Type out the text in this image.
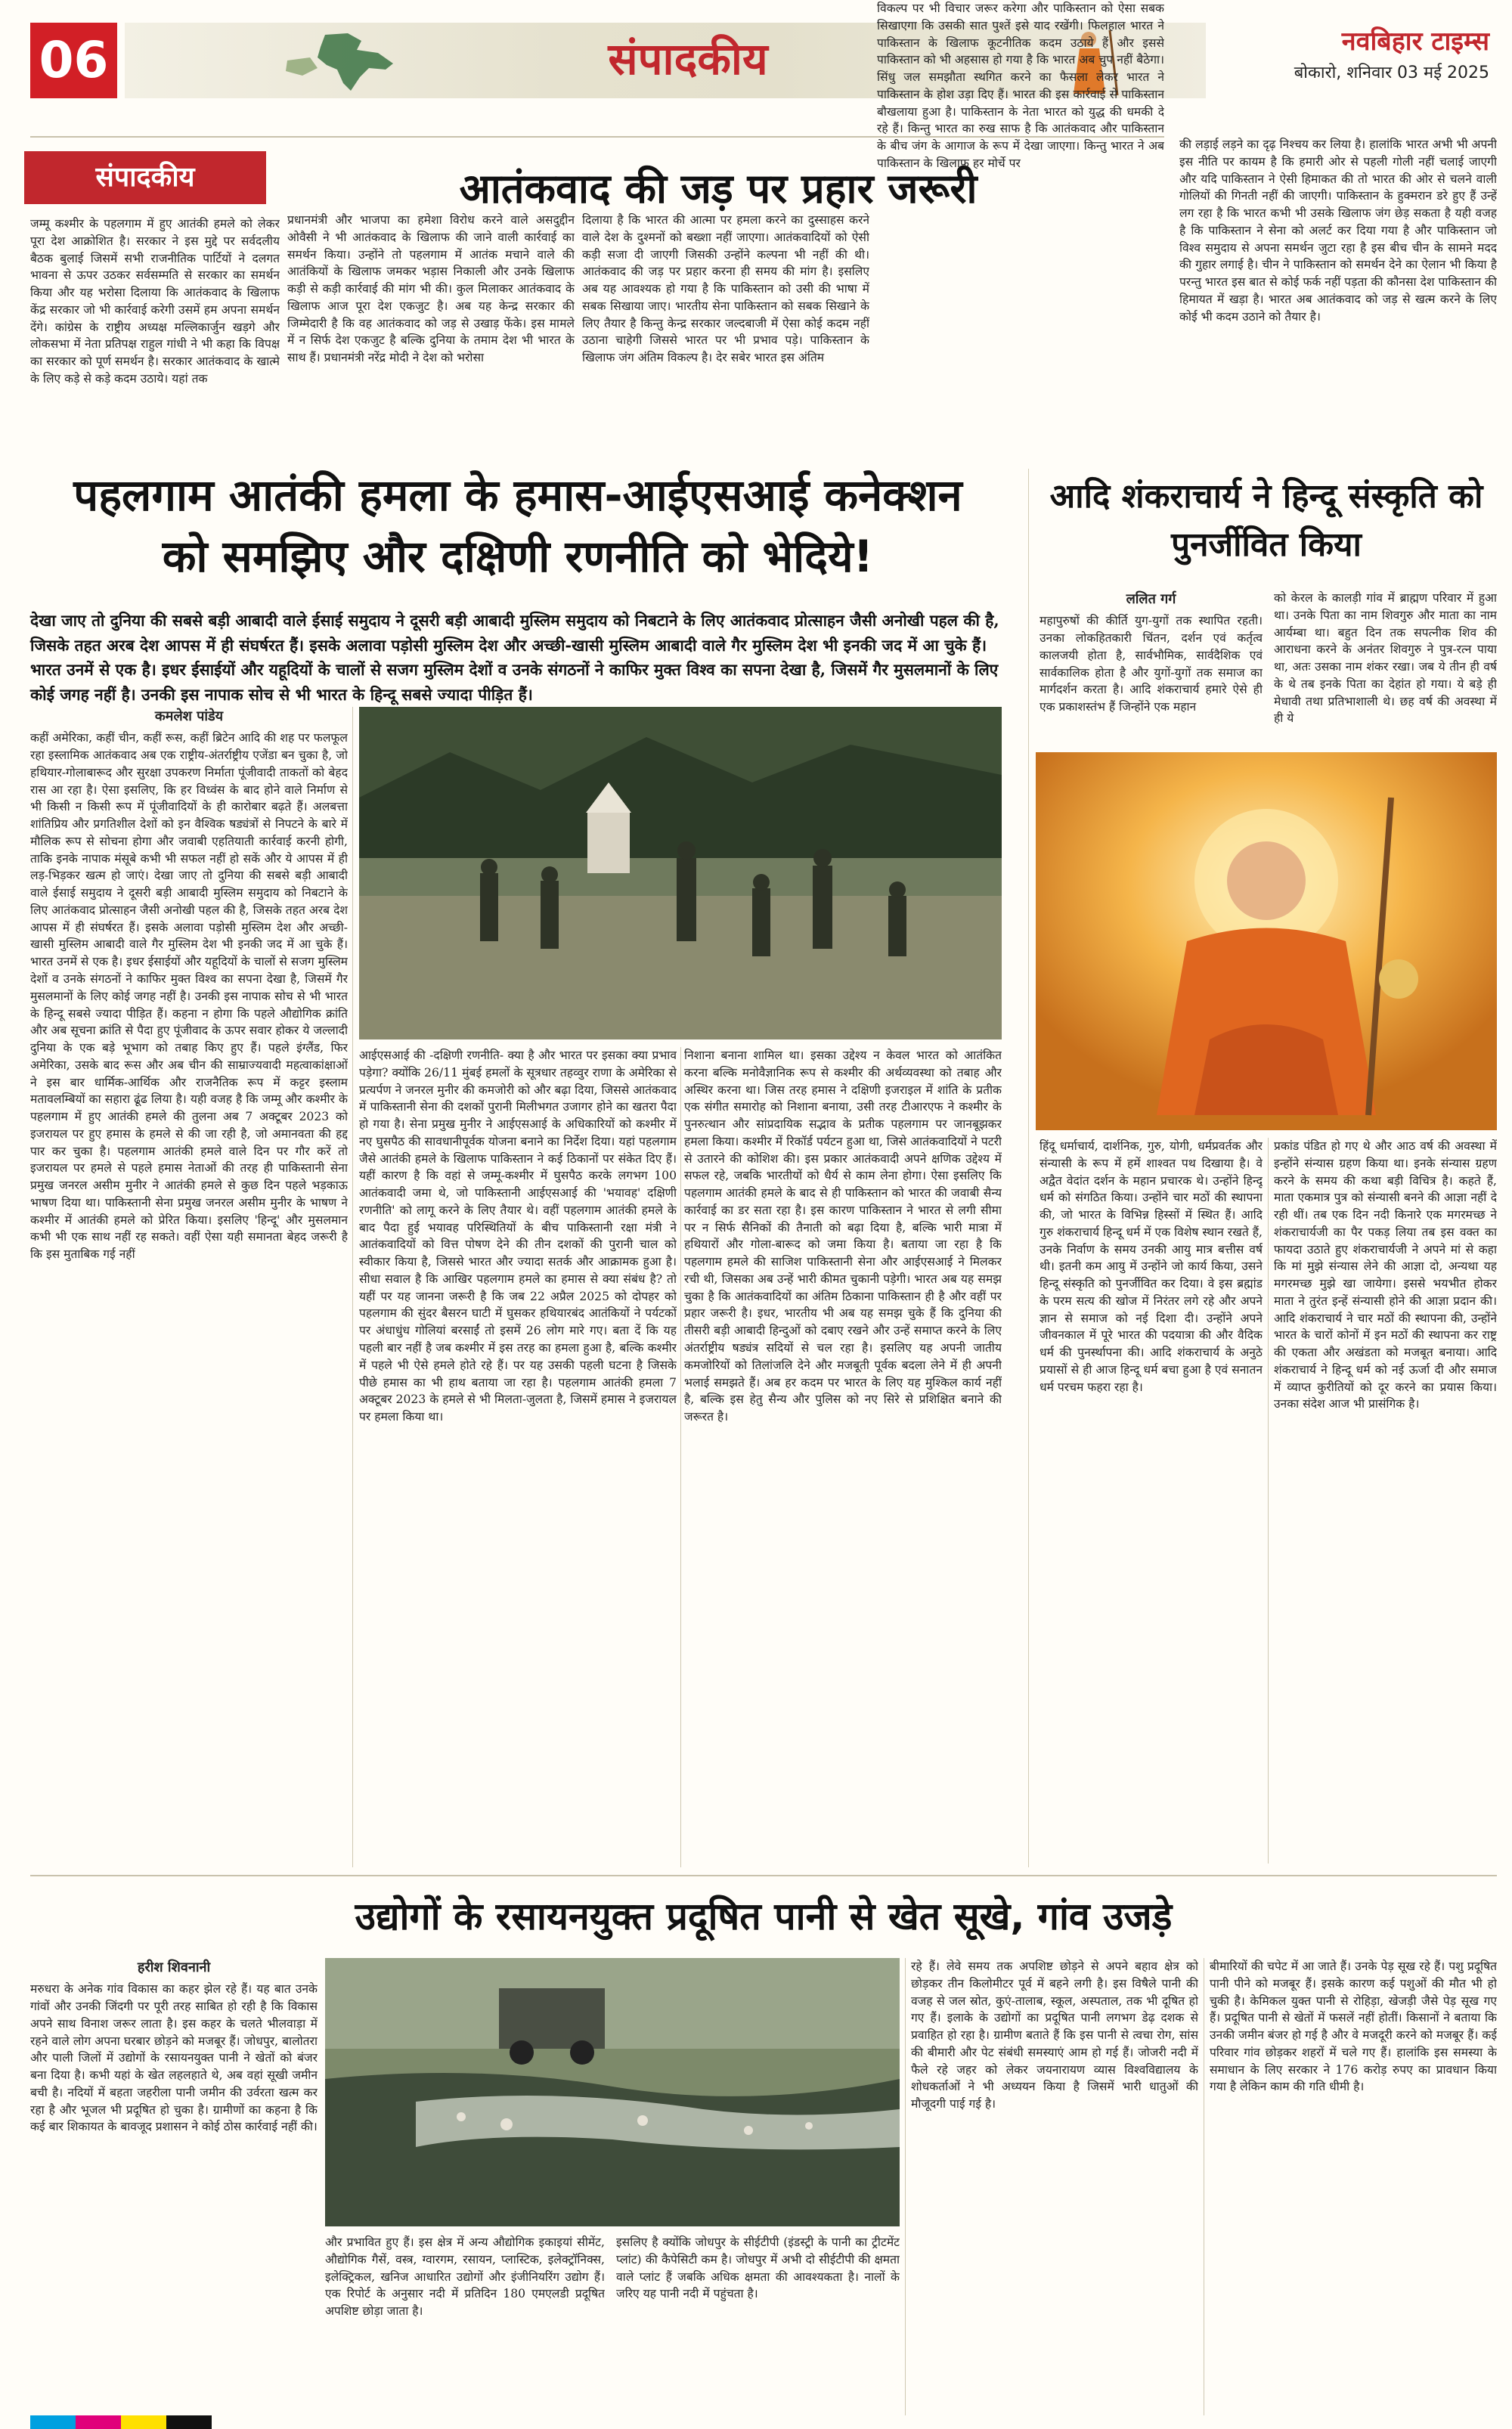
06	संपादकीय	नवबिहार टाइम्स
बोकारो, शनिवार 03 मई 2025
संपादकीय	आतंकवाद की जड़ पर प्रहार जरूरी
जम्मू कश्मीर के पहलगाम में हुए आतंकी हमले को लेकर पूरा देश आक्रोशित है। सरकार ने इस मुद्दे पर सर्वदलीय बैठक बुलाई जिसमें सभी राजनीतिक पार्टियों ने दलगत भावना से ऊपर उठकर सर्वसम्मति से सरकार का समर्थन किया और यह भरोसा दिलाया कि आतंकवाद के खिलाफ केंद्र सरकार जो भी कार्रवाई करेगी उसमें हम अपना समर्थन देंगे। कांग्रेस के राष्ट्रीय अध्यक्ष मल्लिकार्जुन खड़गे और लोकसभा में नेता प्रतिपक्ष राहुल गांधी ने भी कहा कि विपक्ष का सरकार को पूर्ण समर्थन है। सरकार आतंकवाद के खात्मे के लिए कड़े से कड़े कदम उठाये। यहां तक
प्रधानमंत्री और भाजपा का हमेशा विरोध करने वाले असदुद्दीन ओवैसी ने भी आतंकवाद के खिलाफ की जाने वाली कार्रवाई का समर्थन किया। उन्होंने तो पहलगाम में आतंक मचाने वाले की आतंकियों के खिलाफ जमकर भड़ास निकाली और उनके खिलाफ कड़ी से कड़ी कार्रवाई की मांग भी की। कुल मिलाकर आतंकवाद के खिलाफ आज पूरा देश एकजुट है। अब यह केन्द्र सरकार की जिम्मेदारी है कि वह आतंकवाद को जड़ से उखाड़ फेंके। इस मामले में न सिर्फ देश एकजुट है बल्कि दुनिया के तमाम देश भी भारत के साथ हैं। प्रधानमंत्री नरेंद्र मोदी ने देश को भरोसा
दिलाया है कि भारत की आत्मा पर हमला करने का दुस्साहस करने वाले देश के दुश्मनों को बख्शा नहीं जाएगा। आतंकवादियों को ऐसी कड़ी सजा दी जाएगी जिसकी उन्होंने कल्पना भी नहीं की थी। आतंकवाद की जड़ पर प्रहार करना ही समय की मांग है। इसलिए अब यह आवश्यक हो गया है कि पाकिस्तान को उसी की भाषा में सबक सिखाया जाए। भारतीय सेना पाकिस्तान को सबक सिखाने के लिए तैयार है किन्तु केन्द्र सरकार जल्दबाजी में ऐसा कोई कदम नहीं उठाना चाहेगी जिससे भारत पर भी प्रभाव पड़े। पाकिस्तान के खिलाफ जंग अंतिम विकल्प है। देर सबेर भारत इस अंतिम
विकल्प पर भी विचार जरूर करेगा और पाकिस्तान को ऐसा सबक सिखाएगा कि उसकी सात पुश्तें इसे याद रखेंगी। फिलहाल भारत ने पाकिस्तान के खिलाफ कूटनीतिक कदम उठाये हैं और इससे पाकिस्तान को भी अहसास हो गया है कि भारत अब चुप नहीं बैठेगा। सिंधु जल समझौता स्थगित करने का फैसला लेकर भारत ने पाकिस्तान के होश उड़ा दिए हैं। भारत की इस कार्रवाई से पाकिस्तान बौखलाया हुआ है। पाकिस्तान के नेता भारत को युद्ध की धमकी दे रहे हैं। किन्तु भारत का रुख साफ है कि आतंकवाद और पाकिस्तान के बीच जंग के आगाज के रूप में देखा जाएगा। किन्तु भारत ने अब पाकिस्तान के खिलाफ हर मोर्चे पर
की लड़ाई लड़ने का दृढ़ निश्चय कर लिया है। हालांकि भारत अभी भी अपनी इस नीति पर कायम है कि हमारी ओर से पहली गोली नहीं चलाई जाएगी और यदि पाकिस्तान ने ऐसी हिमाकत की तो भारत की ओर से चलने वाली गोलियों की गिनती नहीं की जाएगी। पाकिस्तान के हुक्मरान डरे हुए हैं उन्हें लग रहा है कि भारत कभी भी उसके खिलाफ जंग छेड़ सकता है यही वजह है कि पाकिस्तान ने सेना को अलर्ट कर दिया गया है और पाकिस्तान जो विश्व समुदाय से अपना समर्थन जुटा रहा है इस बीच चीन के सामने मदद की गुहार लगाई है। चीन ने पाकिस्तान को समर्थन देने का ऐलान भी किया है परन्तु भारत इस बात से कोई फर्क नहीं पड़ता की कौनसा देश पाकिस्तान की हिमायत में खड़ा है। भारत अब आतंकवाद को जड़ से खत्म करने के लिए कोई भी कदम उठाने को तैयार है।
पहलगाम आतंकी हमला के हमास-आईएसआई कनेक्शन
को समझिए और दक्षिणी रणनीति को भेदिये!
देखा जाए तो दुनिया की सबसे बड़ी आबादी वाले ईसाई समुदाय ने दूसरी बड़ी आबादी मुस्लिम समुदाय को निबटाने के लिए आतंकवाद प्रोत्साहन जैसी अनोखी पहल की है, जिसके तहत अरब देश आपस में ही संघर्षरत हैं। इसके अलावा पड़ोसी मुस्लिम देश और अच्छी-खासी मुस्लिम आबादी वाले गैर मुस्लिम देश भी इनकी जद में आ चुके हैं। भारत उनमें से एक है। इधर ईसाईयों और यहूदियों के चालों से सजग मुस्लिम देशों व उनके संगठनों ने काफिर मुक्त विश्व का सपना देखा है, जिसमें गैर मुसलमानों के लिए कोई जगह नहीं है। उनकी इस नापाक सोच से भी भारत के हिन्दू सबसे ज्यादा पीड़ित हैं।
कमलेश पांडेय
कहीं अमेरिका, कहीं चीन, कहीं रूस, कहीं ब्रिटेन आदि की शह पर फलफूल रहा इस्लामिक आतंकवाद अब एक राष्ट्रीय-अंतर्राष्ट्रीय एजेंडा बन चुका है, जो हथियार-गोलाबारूद और सुरक्षा उपकरण निर्माता पूंजीवादी ताकतों को बेहद रास आ रहा है। ऐसा इसलिए, कि हर विध्वंस के बाद होने वाले निर्माण से भी किसी न किसी रूप में पूंजीवादियों के ही कारोबार बढ़ते हैं। अलबत्ता शांतिप्रिय और प्रगतिशील देशों को इन वैश्विक षड्यंत्रों से निपटने के बारे में मौलिक रूप से सोचना होगा और जवाबी एहतियाती कार्रवाई करनी होगी, ताकि इनके नापाक मंसूबे कभी भी सफल नहीं हो सकें और ये आपस में ही लड़-भिड़कर खत्म हो जाएं। देखा जाए तो दुनिया की सबसे बड़ी आबादी वाले ईसाई समुदाय ने दूसरी बड़ी आबादी मुस्लिम समुदाय को निबटाने के लिए आतंकवाद प्रोत्साहन जैसी अनोखी पहल की है, जिसके तहत अरब देश आपस में ही संघर्षरत हैं। इसके अलावा पड़ोसी मुस्लिम देश और अच्छी-खासी मुस्लिम आबादी वाले गैर मुस्लिम देश भी इनकी जद में आ चुके हैं। भारत उनमें से एक है। इधर ईसाईयों और यहूदियों के चालों से सजग मुस्लिम देशों व उनके संगठनों ने काफिर मुक्त विश्व का सपना देखा है, जिसमें गैर मुसलमानों के लिए कोई जगह नहीं है। उनकी इस नापाक सोच से भी भारत के हिन्दू सबसे ज्यादा पीड़ित हैं। कहना न होगा कि पहले औद्योगिक क्रांति और अब सूचना क्रांति से पैदा हुए पूंजीवाद के ऊपर सवार होकर ये जल्लादी दुनिया के एक बड़े भूभाग को तबाह किए हुए हैं। पहले इंग्लैंड, फिर अमेरिका, उसके बाद रूस और अब चीन की साम्राज्यवादी महत्वाकांक्षाओं ने इस बार धार्मिक-आर्थिक और राजनैतिक रूप में कट्टर इस्लाम मतावलम्बियों का सहारा ढूंढ लिया है। यही वजह है कि जम्मू और कश्मीर के पहलगाम में हुए आतंकी हमले की तुलना अब 7 अक्टूबर 2023 को इजरायल पर हुए हमास के हमले से की जा रही है, जो अमानवता की हद्द पार कर चुका है। पहलगाम आतंकी हमले वाले दिन पर गौर करें तो इजरायल पर हमले से पहले हमास नेताओं की तरह ही पाकिस्तानी सेना प्रमुख जनरल असीम मुनीर ने आतंकी हमले से कुछ दिन पहले भड़काऊ भाषण दिया था। पाकिस्तानी सेना प्रमुख जनरल असीम मुनीर के भाषण ने कश्मीर में आतंकी हमले को प्रेरित किया। इसलिए 'हिन्दू' और मुसलमान कभी भी एक साथ नहीं रह सकते। वहीं ऐसा यही समानता बेहद जरूरी है कि इस मुताबिक गई नहीं
आईएसआई की -दक्षिणी रणनीति- क्या है और भारत पर इसका क्या प्रभाव पड़ेगा? क्योंकि 26/11 मुंबई हमलों के सूत्रधार तहव्वुर राणा के अमेरिका से प्रत्यर्पण ने जनरल मुनीर की कमजोरी को और बढ़ा दिया, जिससे आतंकवाद में पाकिस्तानी सेना की दशकों पुरानी मिलीभगत उजागर होने का खतरा पैदा हो गया है। सेना प्रमुख मुनीर ने आईएसआई के अधिकारियों को कश्मीर में नए घुसपैठ की सावधानीपूर्वक योजना बनाने का निर्देश दिया। यहां पहलगाम जैसे आतंकी हमले के खिलाफ पाकिस्तान ने कई ठिकानों पर संकेत दिए हैं। यहीं कारण है कि वहां से जम्मू-कश्मीर में घुसपैठ करके लगभग 100 आतंकवादी जमा थे, जो पाकिस्तानी आईएसआई की 'भयावह' दक्षिणी रणनीति' को लागू करने के लिए तैयार थे। वहीं पहलगाम आतंकी हमले के बाद पैदा हुई भयावह परिस्थितियों के बीच पाकिस्तानी रक्षा मंत्री ने आतंकवादियों को वित्त पोषण देने की तीन दशकों की पुरानी चाल को स्वीकार किया है, जिससे भारत और ज्यादा सतर्क और आक्रामक हुआ है। सीधा सवाल है कि आखिर पहलगाम हमले का हमास से क्या संबंध है? तो यहीं पर यह जानना जरूरी है कि जब 22 अप्रैल 2025 को दोपहर को पहलगाम की सुंदर बैसरन घाटी में घुसकर हथियारबंद आतंकियों ने पर्यटकों पर अंधाधुंध गोलियां बरसाईं तो इसमें 26 लोग मारे गए। बता दें कि यह पहली बार नहीं है जब कश्मीर में इस तरह का हमला हुआ है, बल्कि कश्मीर में पहले भी ऐसे हमले होते रहे हैं। पर यह उसकी पहली घटना है जिसके पीछे हमास का भी हाथ बताया जा रहा है। पहलगाम आतंकी हमला 7 अक्टूबर 2023 के हमले से भी मिलता-जुलता है, जिसमें हमास ने इजरायल पर हमला किया था।
निशाना बनाना शामिल था। इसका उद्देश्य न केवल भारत को आतंकित करना बल्कि मनोवैज्ञानिक रूप से कश्मीर की अर्थव्यवस्था को तबाह और अस्थिर करना था। जिस तरह हमास ने दक्षिणी इजराइल में शांति के प्रतीक एक संगीत समारोह को निशाना बनाया, उसी तरह टीआरएफ ने कश्मीर के पुनरुत्थान और सांप्रदायिक सद्भाव के प्रतीक पहलगाम पर जानबूझकर हमला किया। कश्मीर में रिकॉर्ड पर्यटन हुआ था, जिसे आतंकवादियों ने पटरी से उतारने की कोशिश की। इस प्रकार आतंकवादी अपने क्षणिक उद्देश्य में सफल रहे, जबकि भारतीयों को धैर्य से काम लेना होगा। ऐसा इसलिए कि पहलगाम आतंकी हमले के बाद से ही पाकिस्तान को भारत की जवाबी सैन्य कार्रवाई का डर सता रहा है। इस कारण पाकिस्तान ने भारत से लगी सीमा पर न सिर्फ सैनिकों की तैनाती को बढ़ा दिया है, बल्कि भारी मात्रा में हथियारों और गोला-बारूद को जमा किया है। बताया जा रहा है कि पहलगाम हमले की साजिश पाकिस्तानी सेना और आईएसआई ने मिलकर रची थी, जिसका अब उन्हें भारी कीमत चुकानी पड़ेगी। भारत अब यह समझ चुका है कि आतंकवादियों का अंतिम ठिकाना पाकिस्तान ही है और वहीं पर प्रहार जरूरी है। इधर, भारतीय भी अब यह समझ चुके हैं कि दुनिया की तीसरी बड़ी आबादी हिन्दुओं को दबाए रखने और उन्हें समाप्त करने के लिए अंतर्राष्ट्रीय षड्यंत्र सदियों से चल रहा है। इसलिए यह अपनी जातीय कमजोरियों को तिलांजलि देने और मजबूती पूर्वक बदला लेने में ही अपनी भलाई समझते हैं। अब हर कदम पर भारत के लिए यह मुश्किल कार्य नहीं है, बल्कि इस हेतु सैन्य और पुलिस को नए सिरे से प्रशिक्षित बनाने की जरूरत है।
आदि शंकराचार्य ने हिन्दू संस्कृति को पुनर्जीवित किया
ललित गर्ग
महापुरुषों की कीर्ति युग-युगों तक स्थापित रहती। उनका लोकहितकारी चिंतन, दर्शन एवं कर्तृत्व कालजयी होता है, सार्वभौमिक, सार्वदैशिक एवं सार्वकालिक होता है और युगों-युगों तक समाज का मार्गदर्शन करता है। आदि शंकराचार्य हमारे ऐसे ही एक प्रकाशस्तंभ हैं जिन्होंने एक महान
को केरल के कालड़ी गांव में ब्राह्मण परिवार में हुआ था। उनके पिता का नाम शिवगुरु और माता का नाम आर्यम्बा था। बहुत दिन तक सपत्नीक शिव की आराधना करने के अनंतर शिवगुरु ने पुत्र-रत्न पाया था, अतः उसका नाम शंकर रखा। जब ये तीन ही वर्ष के थे तब इनके पिता का देहांत हो गया। ये बड़े ही मेधावी तथा प्रतिभाशाली थे। छह वर्ष की अवस्था में ही ये
हिंदू धर्माचार्य, दार्शनिक, गुरु, योगी, धर्मप्रवर्तक और संन्यासी के रूप में हमें शाश्वत पथ दिखाया है। वे अद्वैत वेदांत दर्शन के महान प्रचारक थे। उन्होंने हिन्दू धर्म को संगठित किया। उन्होंने चार मठों की स्थापना की, जो भारत के विभिन्न हिस्सों में स्थित हैं। आदि गुरु शंकराचार्य हिन्दू धर्म में एक विशेष स्थान रखते हैं, उनके निर्वाण के समय उनकी आयु मात्र बत्तीस वर्ष थी। इतनी कम आयु में उन्होंने जो कार्य किया, उसने हिन्दू संस्कृति को पुनर्जीवित कर दिया। वे इस ब्रह्मांड के परम सत्य की खोज में निरंतर लगे रहे और अपने ज्ञान से समाज को नई दिशा दी। उन्होंने अपने जीवनकाल में पूरे भारत की पदयात्रा की और वैदिक धर्म की पुनर्स्थापना की। आदि शंकराचार्य के अनुठे प्रयासों से ही आज हिन्दू धर्म बचा हुआ है एवं सनातन धर्म परचम फहरा रहा है।
प्रकांड पंडित हो गए थे और आठ वर्ष की अवस्था में इन्होंने संन्यास ग्रहण किया था। इनके संन्यास ग्रहण करने के समय की कथा बड़ी विचित्र है। कहते हैं, माता एकमात्र पुत्र को संन्यासी बनने की आज्ञा नहीं दे रही थीं। तब एक दिन नदी किनारे एक मगरमच्छ ने शंकराचार्यजी का पैर पकड़ लिया तब इस वक्त का फायदा उठाते हुए शंकराचार्यजी ने अपने मां से कहा कि मां मुझे संन्यास लेने की आज्ञा दो, अन्यथा यह मगरमच्छ मुझे खा जायेगा। इससे भयभीत होकर माता ने तुरंत इन्हें संन्यासी होने की आज्ञा प्रदान की। आदि शंकराचार्य ने चार मठों की स्थापना की, उन्होंने भारत के चारों कोनों में इन मठों की स्थापना कर राष्ट्र की एकता और अखंडता को मजबूत बनाया। आदि शंकराचार्य ने हिन्दू धर्म को नई ऊर्जा दी और समाज में व्याप्त कुरीतियों को दूर करने का प्रयास किया। उनका संदेश आज भी प्रासंगिक है।
उद्योगों के रसायनयुक्त प्रदूषित पानी से खेत सूखे, गांव उजड़े
हरीश शिवनानी
मरुधरा के अनेक गांव विकास का कहर झेल रहे हैं। यह बात उनके गांवों और उनकी जिंदगी पर पूरी तरह साबित हो रही है कि विकास अपने साथ विनाश जरूर लाता है। इस कहर के चलते भीलवाड़ा में रहने वाले लोग अपना घरबार छोड़ने को मजबूर हैं। जोधपुर, बालोतरा और पाली जिलों में उद्योगों के रसायनयुक्त पानी ने खेतों को बंजर बना दिया है। कभी यहां के खेत लहलहाते थे, अब वहां सूखी जमीन बची है। नदियों में बहता जहरीला पानी जमीन की उर्वरता खत्म कर रहा है और भूजल भी प्रदूषित हो चुका है। ग्रामीणों का कहना है कि कई बार शिकायत के बावजूद प्रशासन ने कोई ठोस कार्रवाई नहीं की।
और प्रभावित हुए हैं। इस क्षेत्र में अन्य औद्योगिक इकाइयां सीमेंट, औद्योगिक गैसें, वस्त्र, ग्वारगम, रसायन, प्लास्टिक, इलेक्ट्रॉनिक्स, इलेक्ट्रिकल, खनिज आधारित उद्योगों और इंजीनियरिंग उद्योग हैं। एक रिपोर्ट के अनुसार नदी में प्रतिदिन 180 एमएलडी प्रदूषित अपशिष्ट छोड़ा जाता है।
इसलिए है क्योंकि जोधपुर के सीईटीपी (इंडस्ट्री के पानी का ट्रीटमेंट प्लांट) की कैपेसिटी कम है। जोधपुर में अभी दो सीईटीपी की क्षमता वाले प्लांट हैं जबकि अधिक क्षमता की आवश्यकता है। नालों के जरिए यह पानी नदी में पहुंचता है।
रहे हैं। लेवे समय तक अपशिष्ट छोड़ने से अपने बहाव क्षेत्र को छोड़कर तीन किलोमीटर पूर्व में बहने लगी है। इस विषैले पानी की वजह से जल स्रोत, कुएं-तालाब, स्कूल, अस्पताल, तक भी दूषित हो गए हैं। इलाके के उद्योगों का प्रदूषित पानी लगभग डेढ़ दशक से प्रवाहित हो रहा है। ग्रामीण बताते हैं कि इस पानी से त्वचा रोग, सांस की बीमारी और पेट संबंधी समस्याएं आम हो गई हैं। जोजरी नदी में फैले रहे जहर को लेकर जयनारायण व्यास विश्वविद्यालय के शोधकर्ताओं ने भी अध्ययन किया है जिसमें भारी धातुओं की मौजूदगी पाई गई है।
बीमारियों की चपेट में आ जाते हैं। उनके पेड़ सूख रहे हैं। पशु प्रदूषित पानी पीने को मजबूर हैं। इसके कारण कई पशुओं की मौत भी हो चुकी है। केमिकल युक्त पानी से रोहिड़ा, खेजड़ी जैसे पेड़ सूख गए हैं। प्रदूषित पानी से खेतों में फसलें नहीं होतीं। किसानों ने बताया कि उनकी जमीन बंजर हो गई है और वे मजदूरी करने को मजबूर हैं। कई परिवार गांव छोड़कर शहरों में चले गए हैं। हालांकि इस समस्या के समाधान के लिए सरकार ने 176 करोड़ रुपए का प्रावधान किया गया है लेकिन काम की गति धीमी है।
